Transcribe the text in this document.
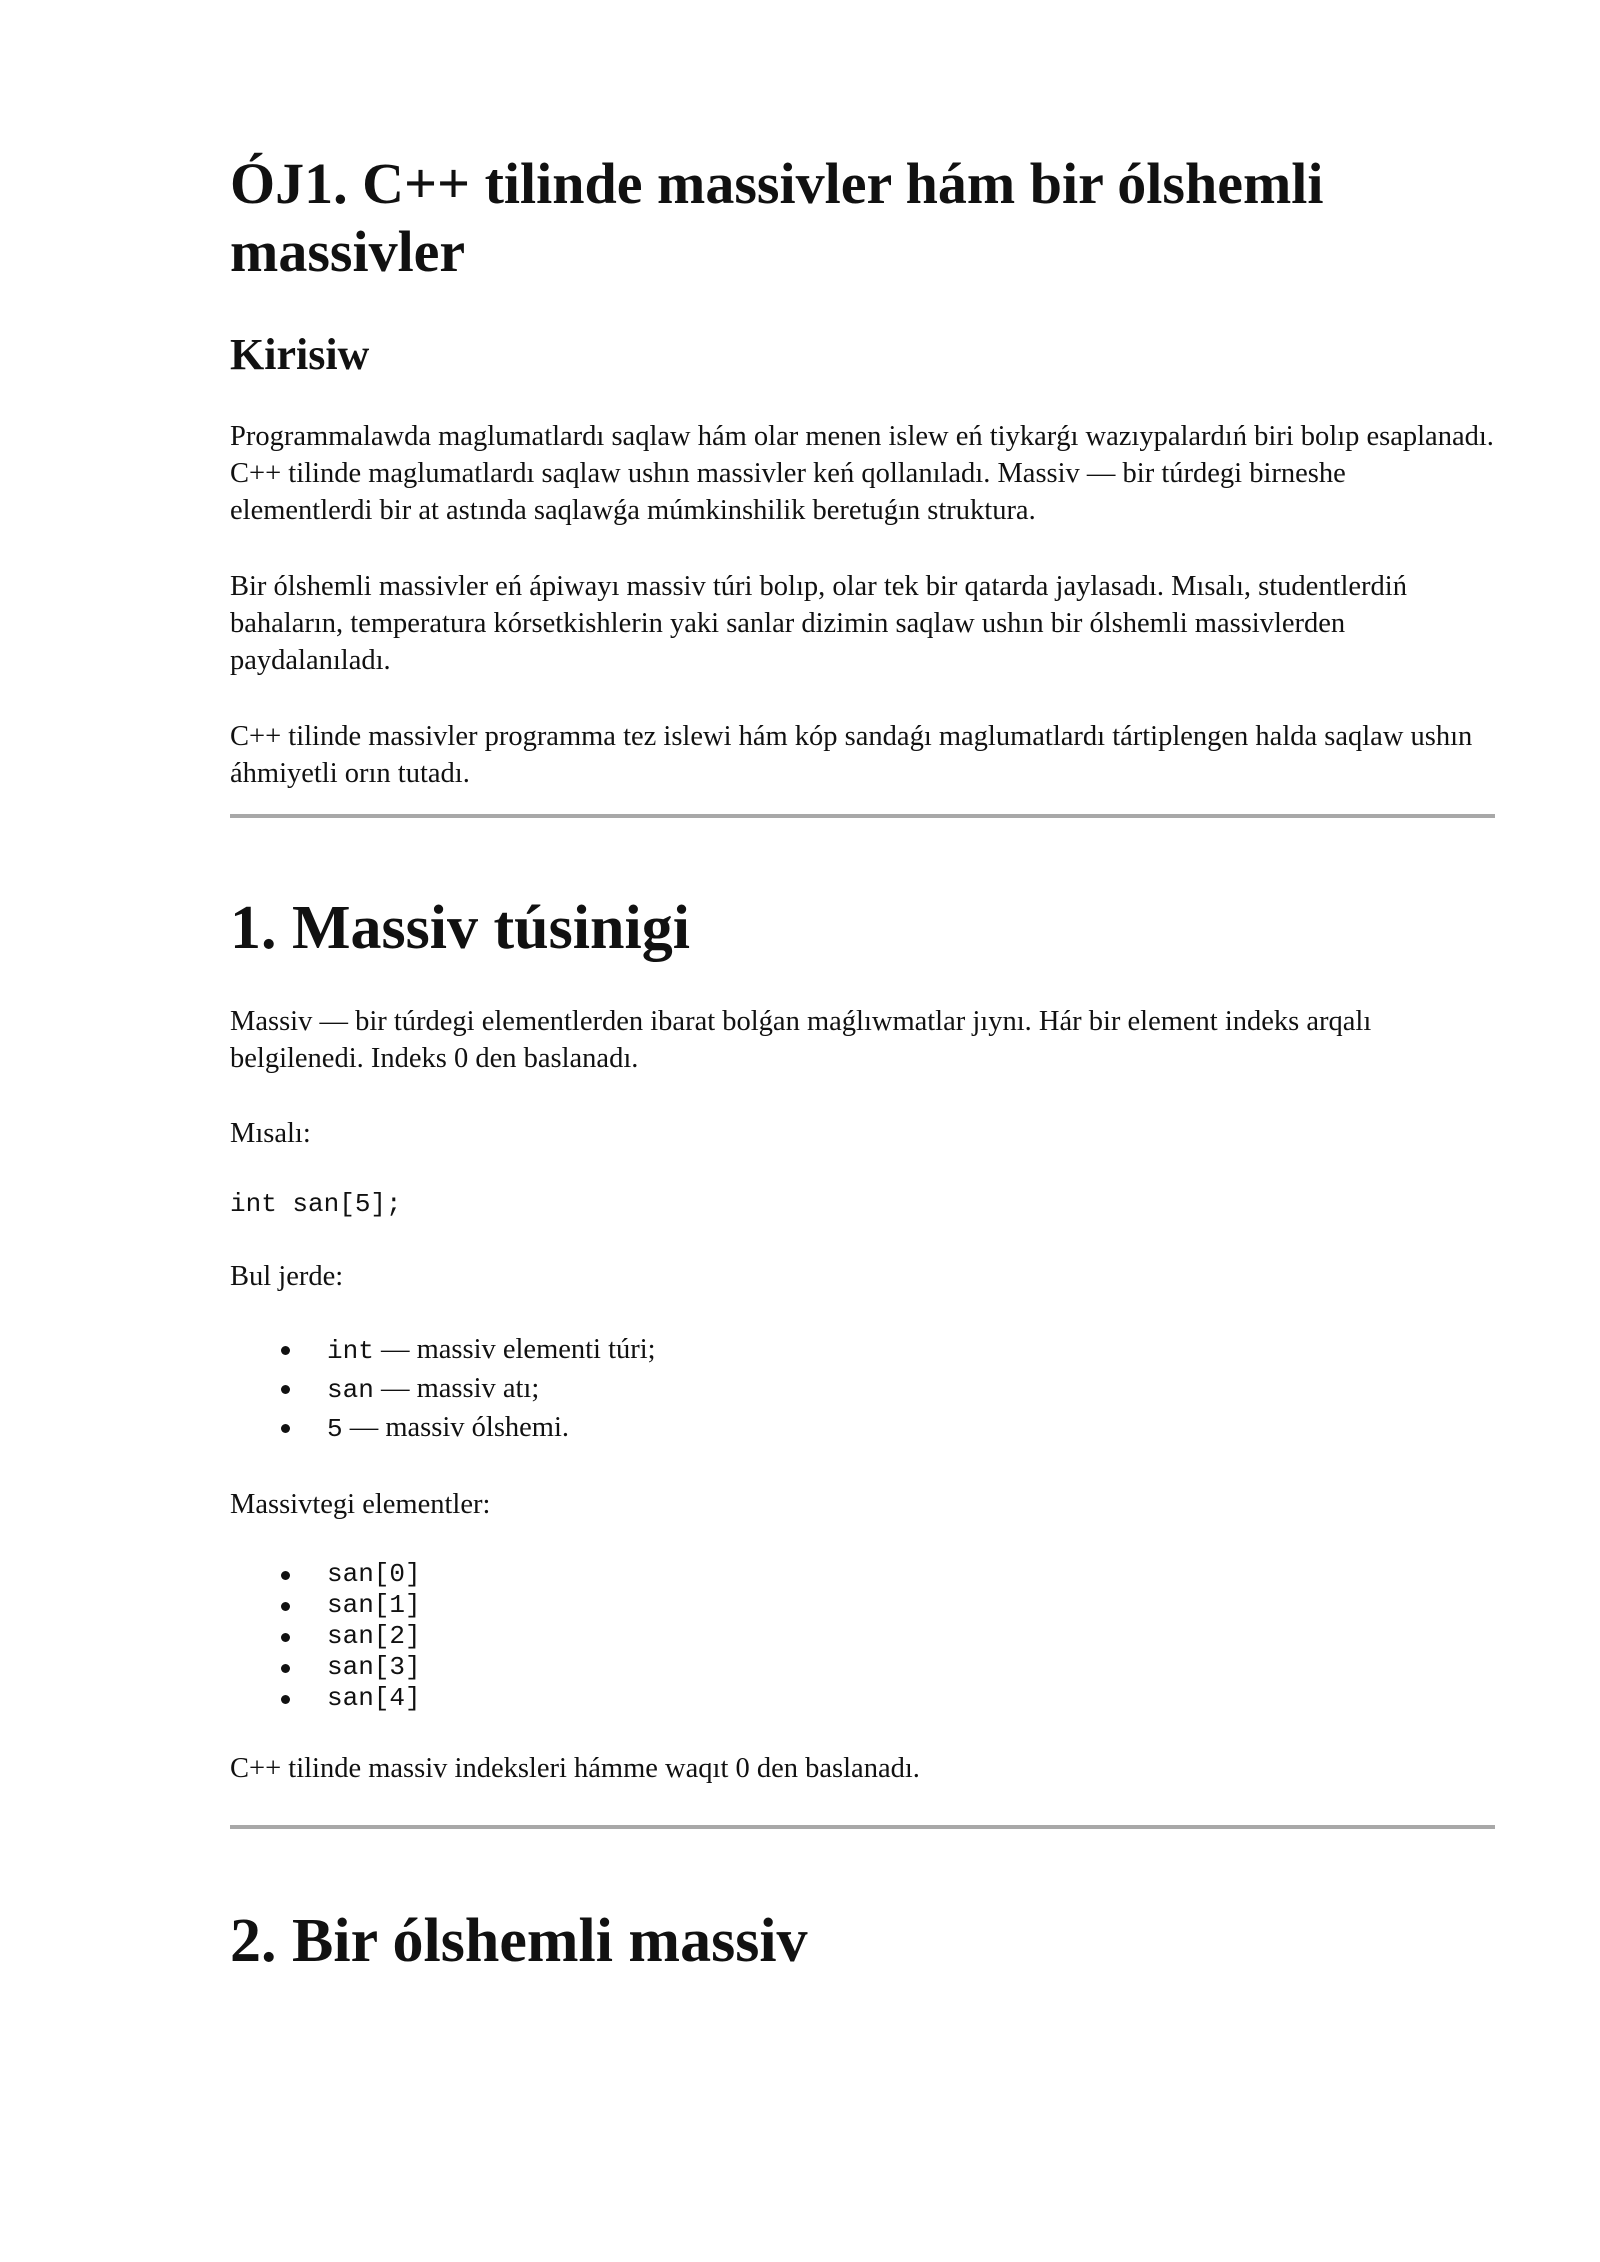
ÓJ1. C++ tilinde massivler hám bir ólshemli massivler
Kirisiw

Programmalawda maglumatlardı saqlaw hám olar menen islew eń tiykarǵı wazıypalardıń biri bolıp esaplanadı. C++ tilinde maglumatlardı saqlaw ushın massivler keń qollanıladı. Massiv — bir túrdegi birneshe elementlerdi bir at astında saqlawǵa múmkinshilik beretuǵın struktura.

Bir ólshemli massivler eń ápiwayı massiv túri bolıp, olar tek bir qatarda jaylasadı. Mısalı, studentlerdiń bahaların, temperatura kórsetkishlerin yaki sanlar dizimin saqlaw ushın bir ólshemli massivlerden paydalanıladı.

C++ tilinde massivler programma tez islewi hám kóp sandaǵı maglumatlardı tártiplengen halda saqlaw ushın áhmiyetli orın tutadı.

1. Massiv túsinigi

Massiv — bir túrdegi elementlerden ibarat bolǵan maǵlıwmatlar jıynı. Hár bir element indeks arqalı belgilenedi. Indeks 0 den baslanadı.

Mısalı:

int san[5];

Bul jerde:

int — massiv elementi túri;
san — massiv atı;
5 — massiv ólshemi.

Massivtegi elementler:

san[0]
san[1]
san[2]
san[3]
san[4]

C++ tilinde massiv indeksleri hámme waqıt 0 den baslanadı.

2. Bir ólshemli massiv
